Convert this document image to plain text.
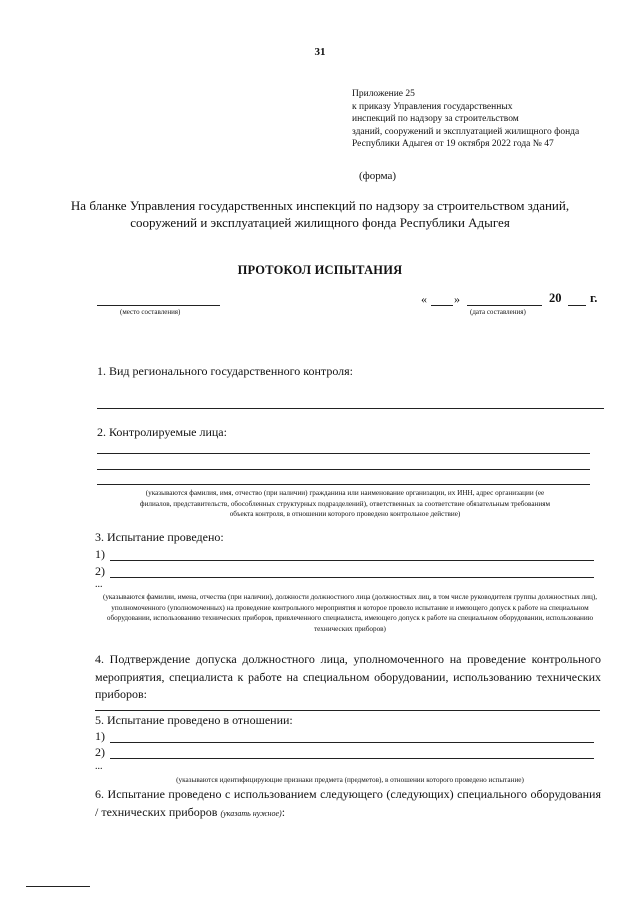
31
Приложение 25
к приказу Управления государственных
инспекций по надзору за строительством
зданий, сооружений и эксплуатацией жилищного фонда
Республики Адыгея от 19 октября 2022 года № 47
(форма)
На бланке Управления государственных инспекций по надзору за строительством зданий, сооружений и эксплуатацией жилищного фонда Республики Адыгея
ПРОТОКОЛ ИСПЫТАНИЯ
(место составления)
« »	20 г.
(дата составления)
1. Вид регионального государственного контроля:
2. Контролируемые лица:
(указываются фамилия, имя, отчество (при наличии) гражданина или наименование организации, их ИНН, адрес организации (ее филиалов, представительств, обособленных структурных подразделений), ответственных за соответствие обязательным требованиям объекта контроля, в отношении которого проведено контрольное действие)
3. Испытание проведено:
1)
2)
...
(указываются фамилии, имена, отчества (при наличии), должности должностного лица (должностных лиц, в том числе руководителя группы должностных лиц), уполномоченного (уполномоченных) на проведение контрольного мероприятия и которое провело испытание и имеющего допуск к работе на специальном оборудовании, использованию технических приборов, привлеченного специалиста, имеющего допуск к работе на специальном оборудовании, использованию технических приборов)
4. Подтверждение допуска должностного лица, уполномоченного на проведение контрольного мероприятия, специалиста к работе на специальном оборудовании, использованию технических приборов:
5. Испытание проведено в отношении:
1)
2)
...
(указываются идентифицирующие признаки предмета (предметов), в отношении которого проведено испытание)
6. Испытание проведено с использованием следующего (следующих) специального оборудования / технических приборов (указать нужное):
